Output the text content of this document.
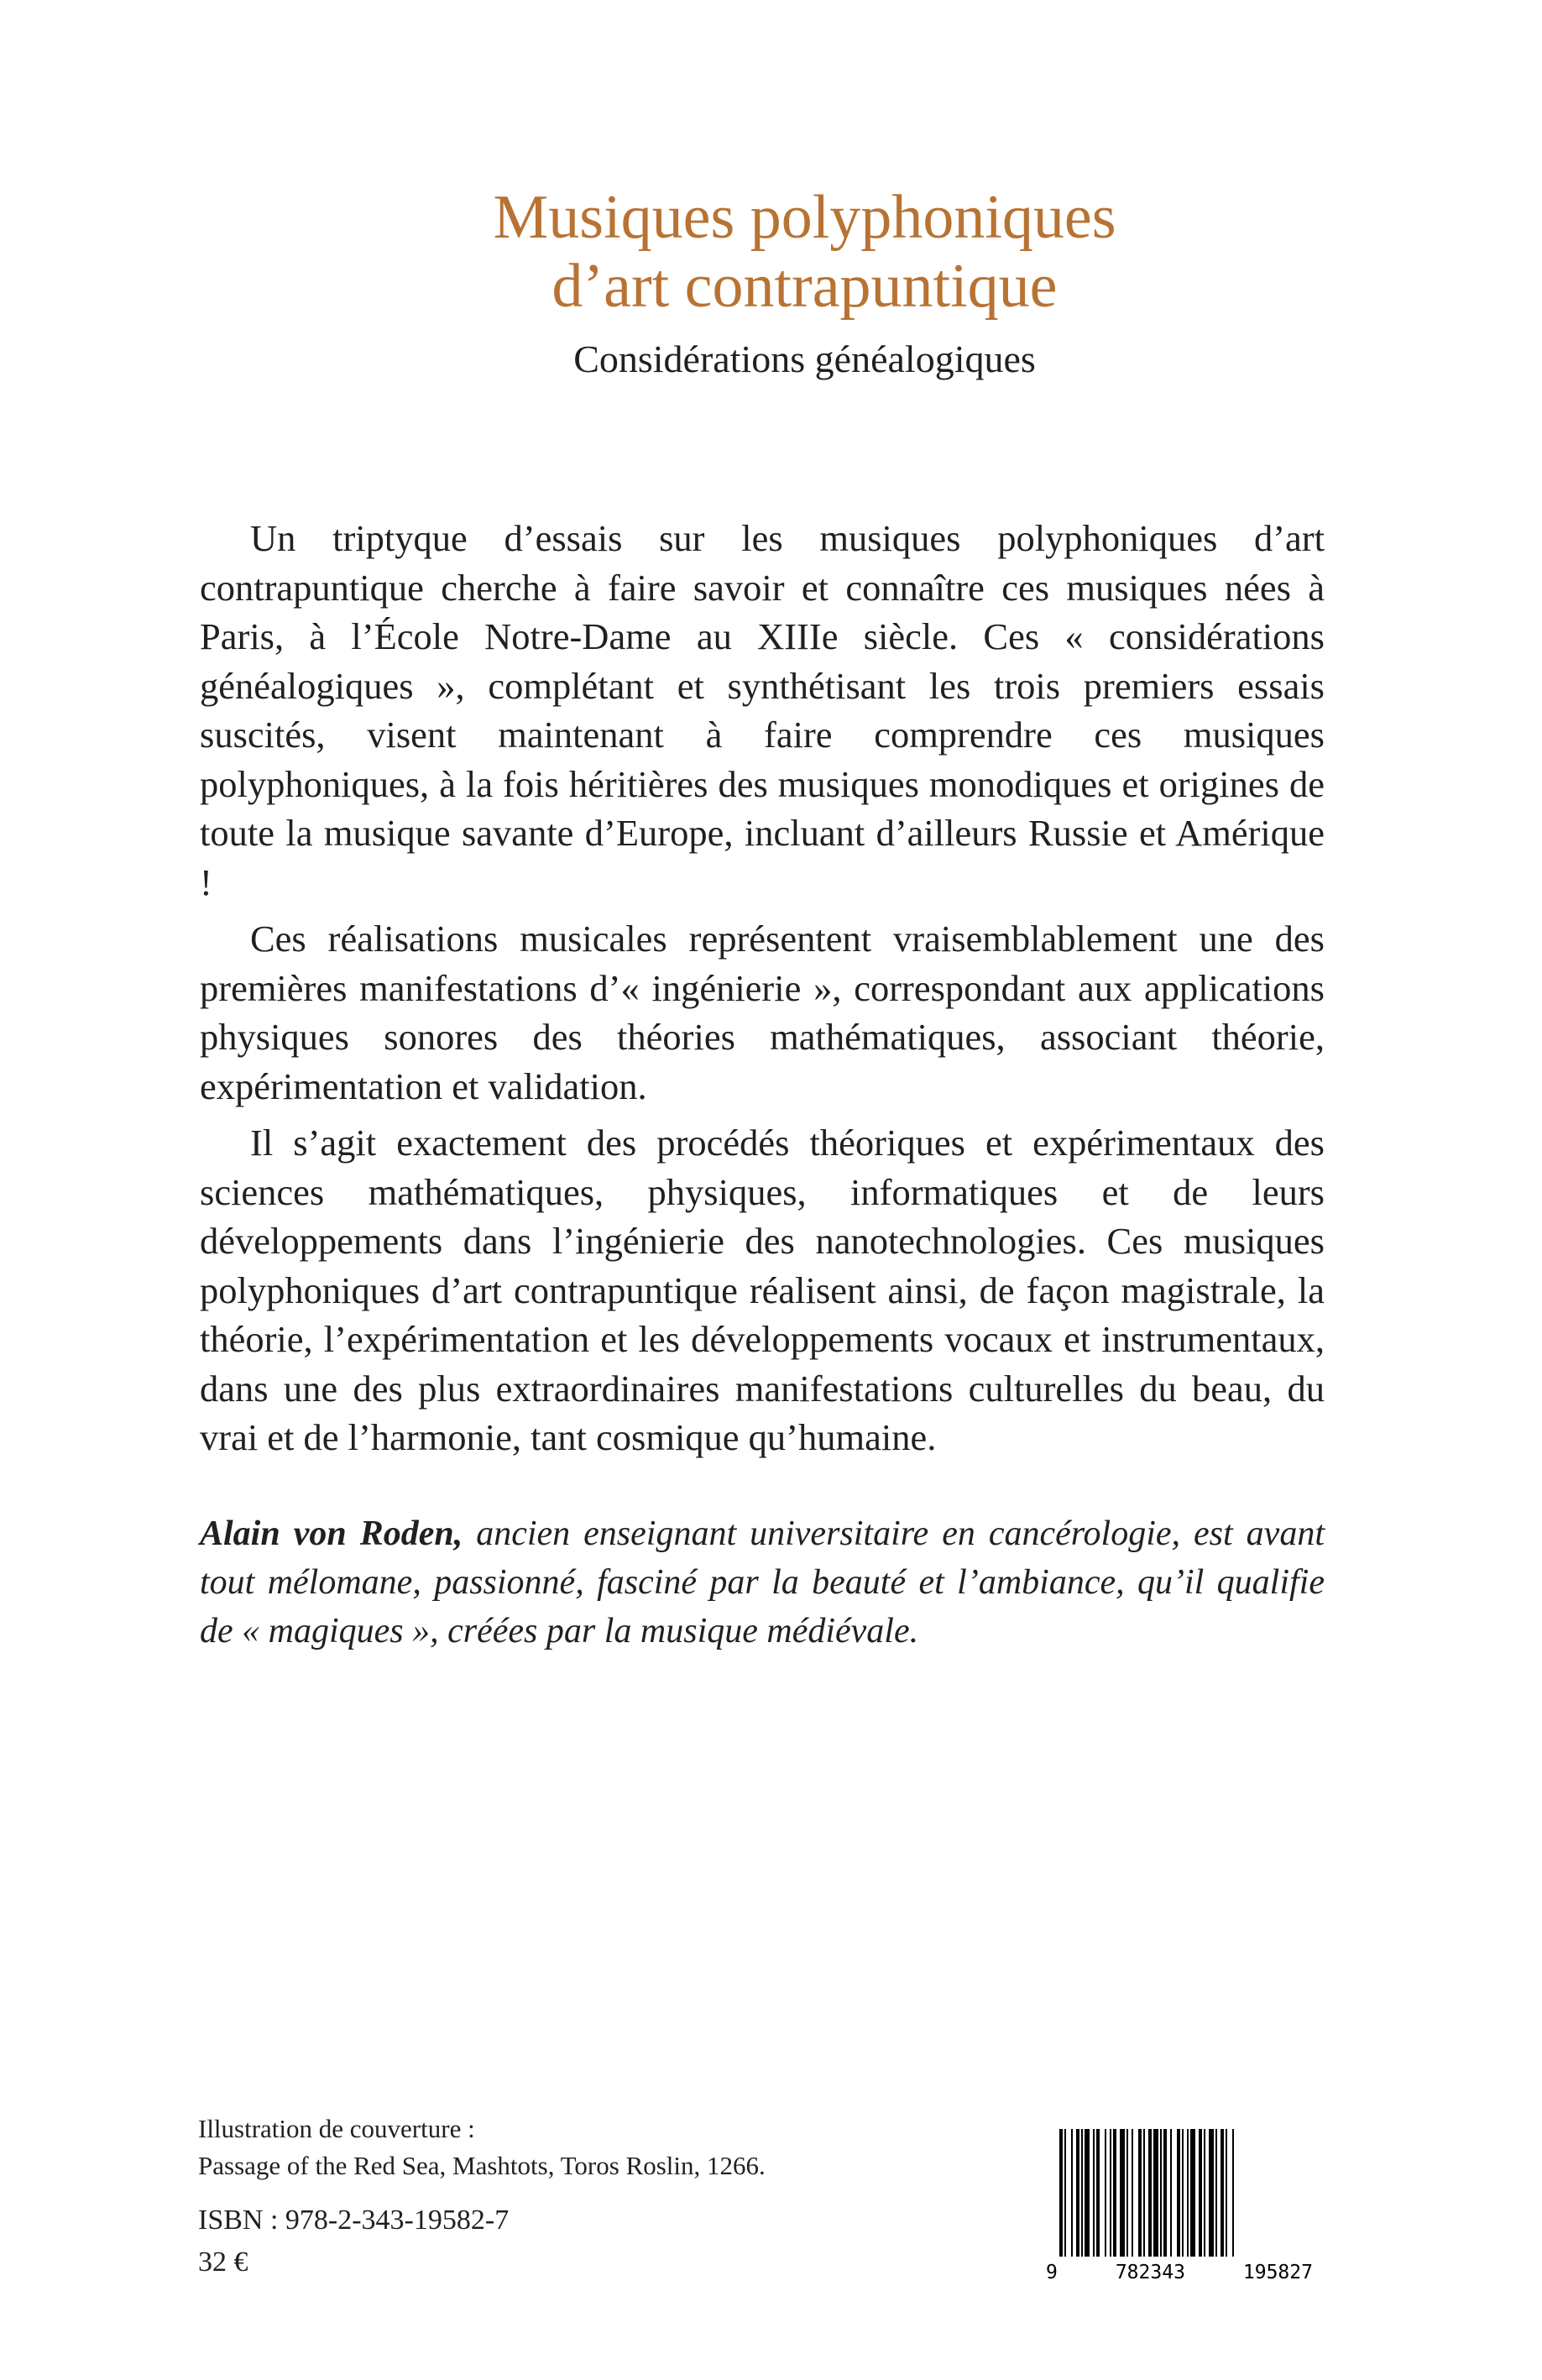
Musiques polyphoniques
d’art contrapuntique
Considérations généalogiques

Un triptyque d’essais sur les musiques polyphoniques d’art contrapuntique cherche à faire savoir et connaître ces musiques nées à Paris, à l’École Notre-Dame au XIIIe siècle. Ces « considérations généalogiques », complétant et synthétisant les trois premiers essais suscités, visent maintenant à faire comprendre ces musiques polyphoniques, à la fois héritières des musiques monodiques et origines de toute la musique savante d’Europe, incluant d’ailleurs Russie et Amérique !

Ces réalisations musicales représentent vraisemblablement une des premières manifestations d’« ingénierie », correspondant aux applications physiques sonores des théories mathématiques, associant théorie, expérimentation et validation.

Il s’agit exactement des procédés théoriques et expérimentaux des sciences mathématiques, physiques, informatiques et de leurs développements dans l’ingénierie des nanotechnologies. Ces musiques polyphoniques d’art contrapuntique réalisent ainsi, de façon magistrale, la théorie, l’expérimentation et les développements vocaux et instrumentaux, dans une des plus extraordinaires manifestations culturelles du beau, du vrai et de l’harmonie, tant cosmique qu’humaine.

Alain von Roden, ancien enseignant universitaire en cancérologie, est avant tout mélomane, passionné, fasciné par la beauté et l’ambiance, qu’il qualifie de « magiques », créées par la musique médiévale.
Illustration de couverture :
Passage of the Red Sea, Mashtots, Toros Roslin, 1266.
ISBN : 978-2-343-19582-7
32 €	9	782343	195827
